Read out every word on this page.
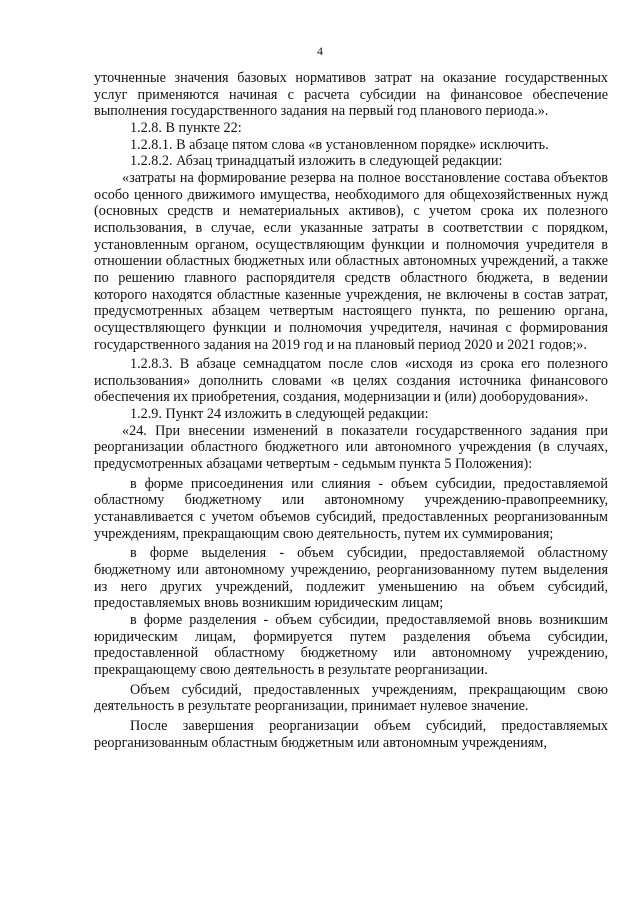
4

уточненные значения базовых нормативов затрат на оказание государственных услуг применяются начиная с расчета субсидии на финансовое обеспечение выполнения государственного задания на первый год планового периода.».

1.2.8. В пункте 22:

1.2.8.1. В абзаце пятом слова «в установленном порядке» исключить.

1.2.8.2. Абзац тринадцатый изложить в следующей редакции:

«затраты на формирование резерва на полное восстановление состава объектов особо ценного движимого имущества, необходимого для общехозяйственных нужд (основных средств и нематериальных активов), с учетом срока их полезного использования, в случае, если указанные затраты в соответствии с порядком, установленным органом, осуществляющим функции и полномочия учредителя в отношении областных бюджетных или областных автономных учреждений, а также по решению главного распорядителя средств областного бюджета, в ведении которого находятся областные казенные учреждения, не включены в состав затрат, предусмотренных абзацем четвертым настоящего пункта, по решению органа, осуществляющего функции и полномочия учредителя, начиная с формирования государственного задания на 2019 год и на плановый период 2020 и 2021 годов;».

1.2.8.3. В абзаце семнадцатом после слов «исходя из срока его полезного использования» дополнить словами «в целях создания источника финансового обеспечения их приобретения, создания, модернизации и (или) дооборудования».

1.2.9. Пункт 24 изложить в следующей редакции:

«24. При внесении изменений в показатели государственного задания при реорганизации областного бюджетного или автономного учреждения (в случаях, предусмотренных абзацами четвертым - седьмым пункта 5 Положения):

в форме присоединения или слияния - объем субсидии, предоставляемой областному бюджетному или автономному учреждению-правопреемнику, устанавливается с учетом объемов субсидий, предоставленных реорганизованным учреждениям, прекращающим свою деятельность, путем их суммирования;

в форме выделения - объем субсидии, предоставляемой областному бюджетному или автономному учреждению, реорганизованному путем выделения из него других учреждений, подлежит уменьшению на объем субсидий, предоставляемых вновь возникшим юридическим лицам;

в форме разделения - объем субсидии, предоставляемой вновь возникшим юридическим лицам, формируется путем разделения объема субсидии, предоставленной областному бюджетному или автономному учреждению, прекращающему свою деятельность в результате реорганизации.

Объем субсидий, предоставленных учреждениям, прекращающим свою деятельность в результате реорганизации, принимает нулевое значение.

После завершения реорганизации объем субсидий, предоставляемых реорганизованным областным бюджетным или автономным учреждениям,
